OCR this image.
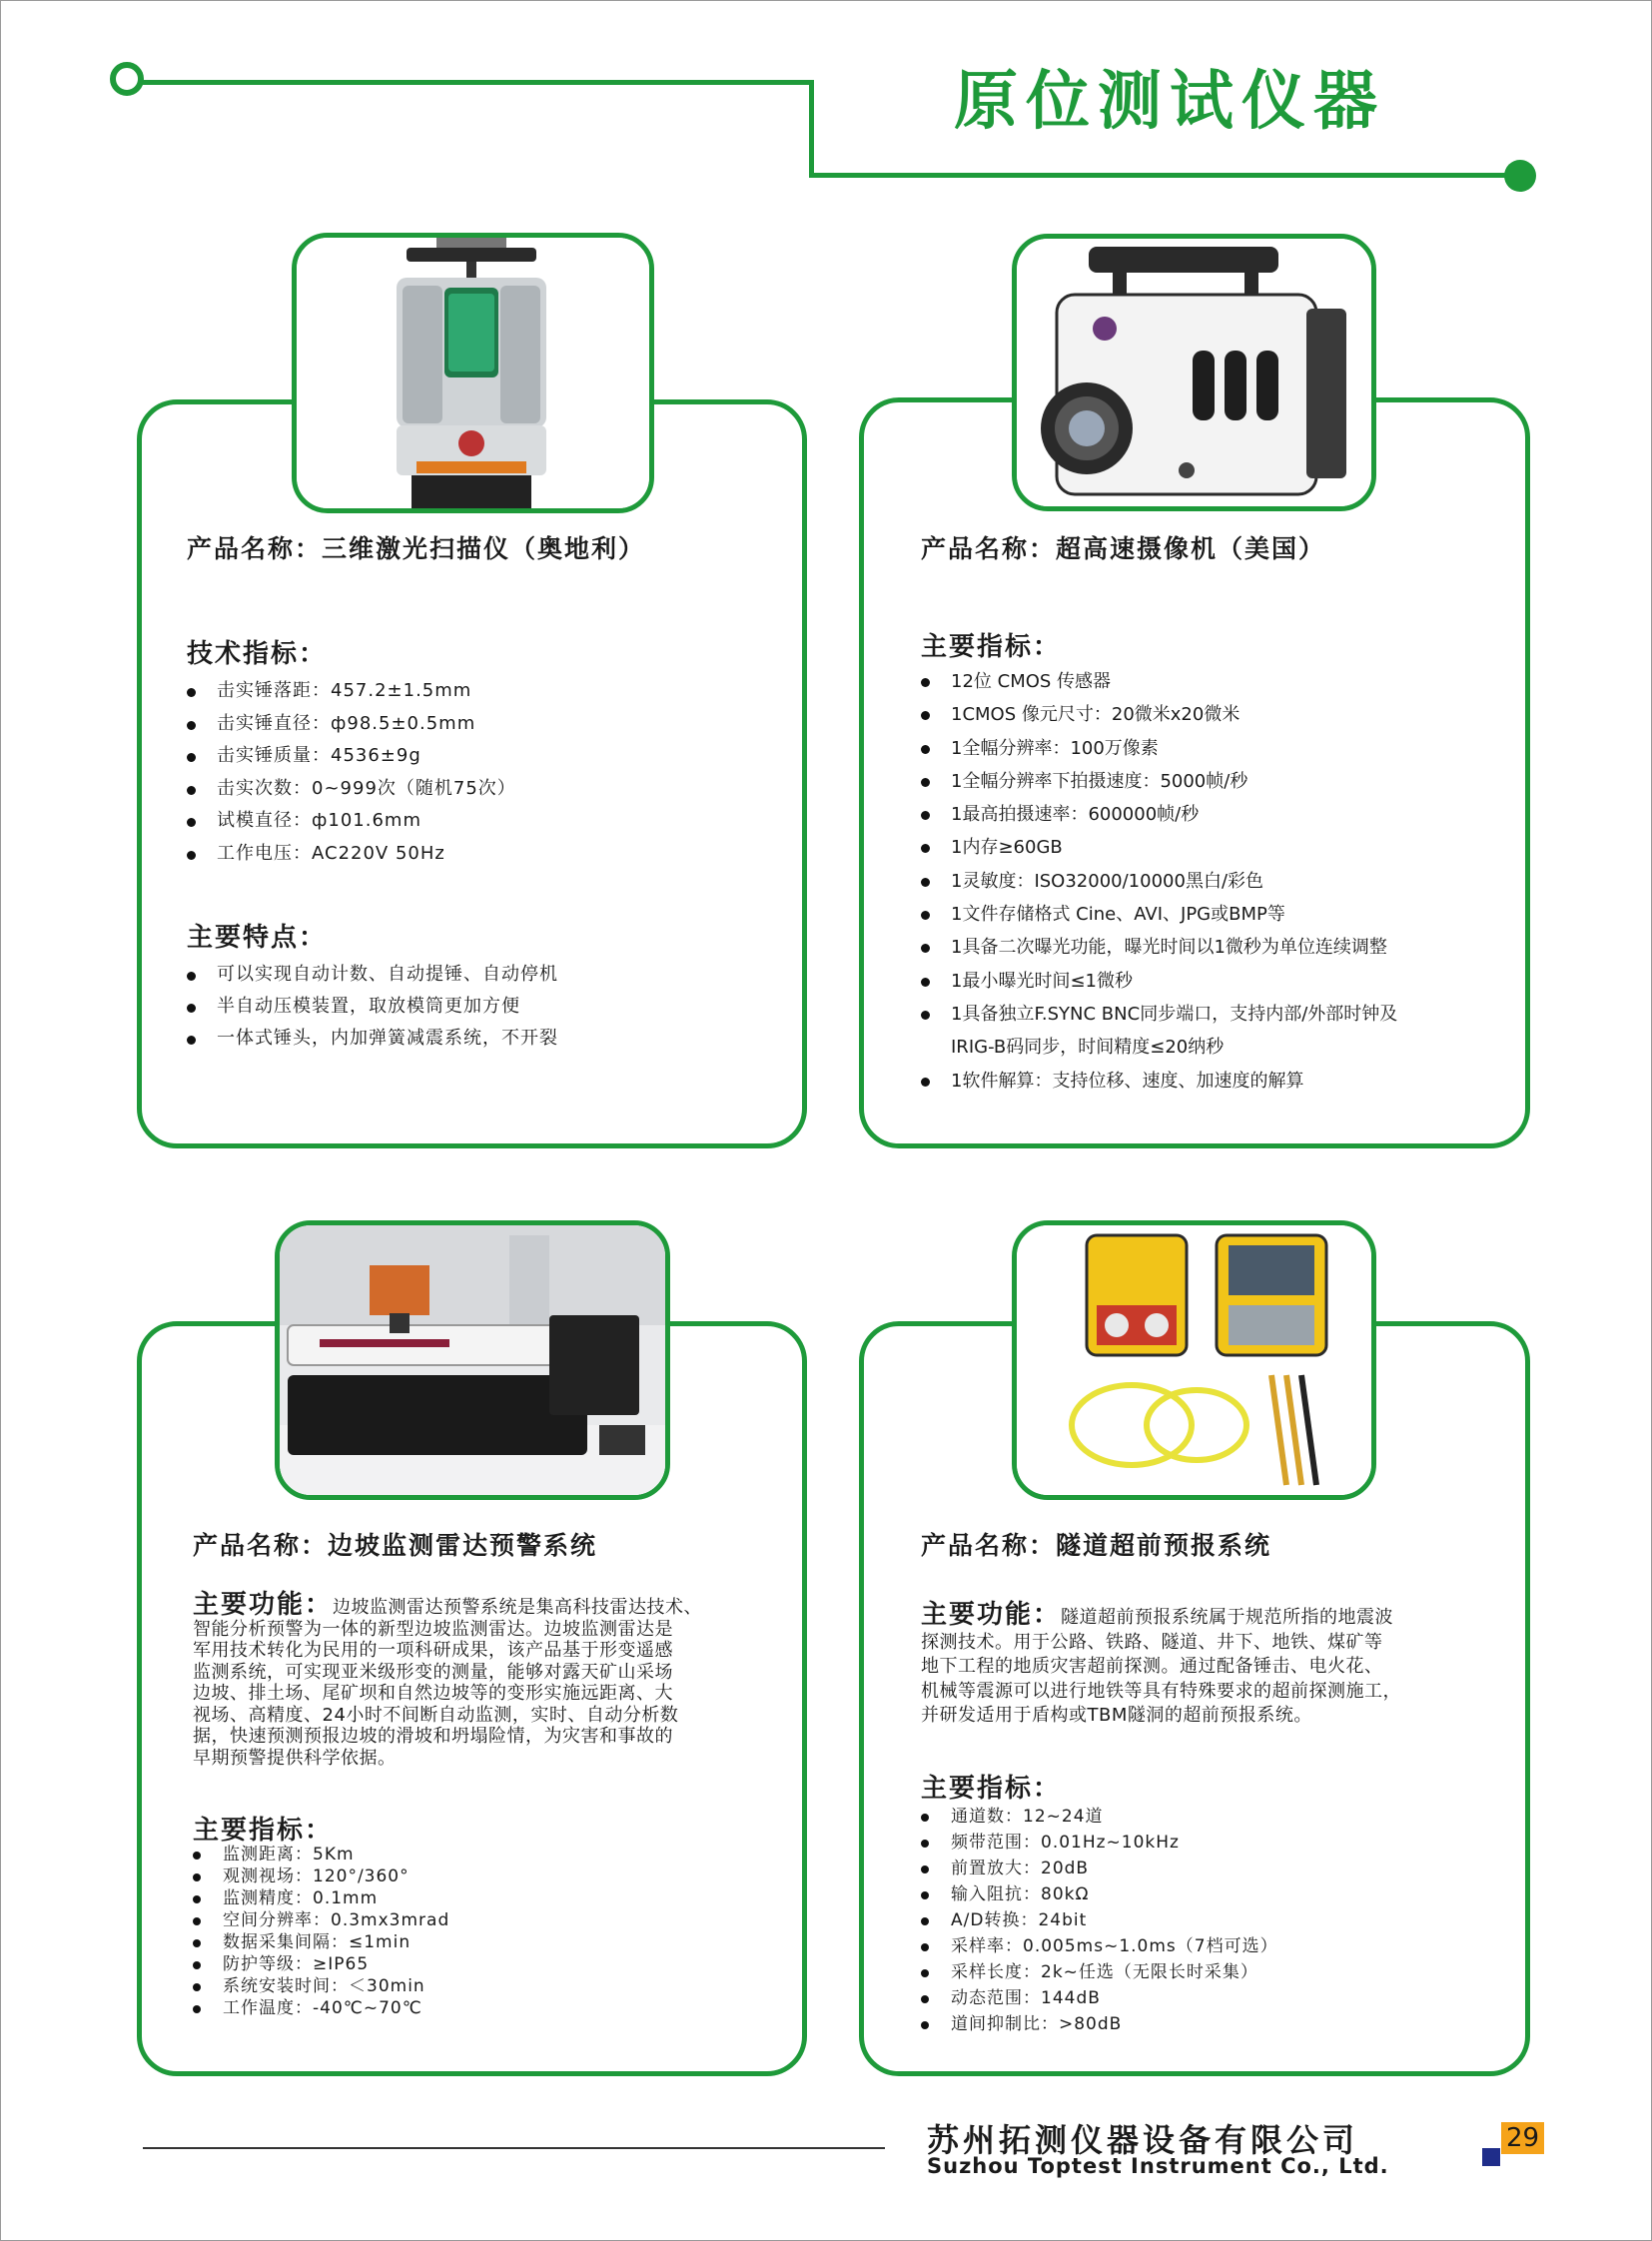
原位测试仪器
产品名称：三维激光扫描仪（奥地利）
技术指标：
击实锤落距：457.2±1.5mm
击实锤直径：ф98.5±0.5mm
击实锤质量：4536±9g
击实次数：0~999次（随机75次）
试模直径：ф101.6mm
工作电压：AC220V 50Hz
主要特点：
可以实现自动计数、自动提锤、自动停机
半自动压模装置，取放模筒更加方便
一体式锤头，内加弹簧减震系统，不开裂
产品名称：超高速摄像机（美国）
主要指标：
12位 CMOS 传感器
1CMOS 像元尺寸：20微米x20微米
1全幅分辨率：100万像素
1全幅分辨率下拍摄速度：5000帧/秒
1最高拍摄速率：600000帧/秒
1内存≥60GB
1灵敏度：ISO32000/10000黑白/彩色
1文件存储格式 Cine、AVI、JPG或BMP等
1具备二次曝光功能，曝光时间以1微秒为单位连续调整
1最小曝光时间≤1微秒
1具备独立F.SYNC BNC同步端口，支持内部/外部时钟及
IRIG-B码同步，时间精度≤20纳秒
1软件解算：支持位移、速度、加速度的解算
产品名称：边坡监测雷达预警系统
主要功能：边坡监测雷达预警系统是集高科技雷达技术、
智能分析预警为一体的新型边坡监测雷达。边坡监测雷达是
军用技术转化为民用的一项科研成果，该产品基于形变遥感
监测系统，可实现亚米级形变的测量，能够对露天矿山采场
边坡、排土场、尾矿坝和自然边坡等的变形实施远距离、大
视场、高精度、24小时不间断自动监测，实时、自动分析数
据，快速预测预报边坡的滑坡和坍塌险情，为灾害和事故的
早期预警提供科学依据。
主要指标：
监测距离：5Km
观测视场：120°/360°
监测精度：0.1mm
空间分辨率：0.3mx3mrad
数据采集间隔：≤1min
防护等级：≥IP65
系统安装时间：＜30min
工作温度：-40℃~70℃
产品名称：隧道超前预报系统
主要功能：隧道超前预报系统属于规范所指的地震波
探测技术。用于公路、铁路、隧道、井下、地铁、煤矿等
地下工程的地质灾害超前探测。通过配备锤击、电火花、
机械等震源可以进行地铁等具有特殊要求的超前探测施工，
并研发适用于盾构或TBM隧洞的超前预报系统。
主要指标：
通道数：12~24道
频带范围：0.01Hz~10kHz
前置放大：20dB
输入阻抗：80kΩ
A/D转换：24bit
采样率：0.005ms~1.0ms（7档可选）
采样长度：2k~任选（无限长时采集）
动态范围：144dB
道间抑制比：>80dB
苏州拓测仪器设备有限公司
Suzhou Toptest Instrument Co., Ltd.
29
